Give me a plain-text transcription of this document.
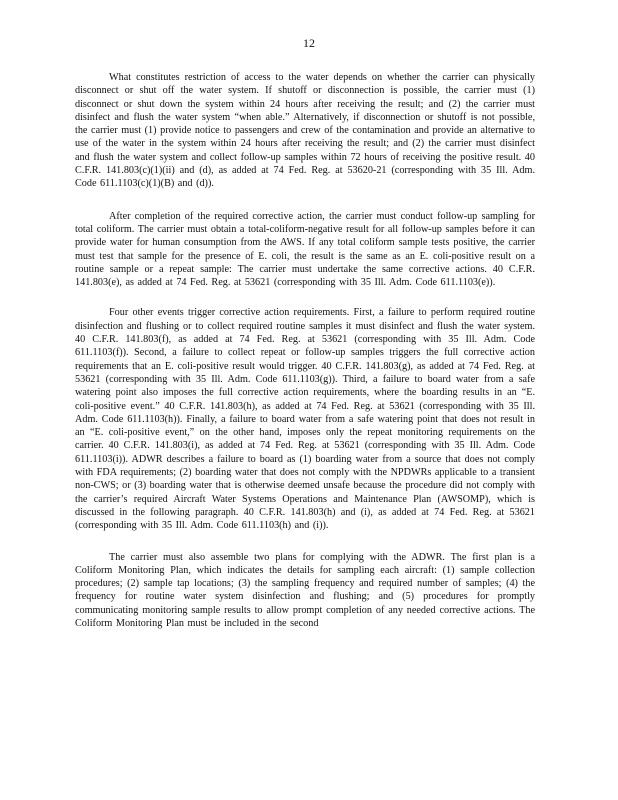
12

What constitutes restriction of access to the water depends on whether the carrier can physically disconnect or shut off the water system. If shutoff or disconnection is possible, the carrier must (1) disconnect or shut down the system within 24 hours after receiving the result; and (2) the carrier must disinfect and flush the water system “when able.” Alternatively, if disconnection or shutoff is not possible, the carrier must (1) provide notice to passengers and crew of the contamination and provide an alternative to use of the water in the system within 24 hours after receiving the result; and (2) the carrier must disinfect and flush the water system and collect follow-up samples within 72 hours of receiving the positive result. 40 C.F.R. 141.803(c)(1)(ii) and (d), as added at 74 Fed. Reg. at 53620-21 (corresponding with 35 Ill. Adm. Code 611.1103(c)(1)(B) and (d)).

After completion of the required corrective action, the carrier must conduct follow-up sampling for total coliform. The carrier must obtain a total-coliform-negative result for all follow-up samples before it can provide water for human consumption from the AWS. If any total coliform sample tests positive, the carrier must test that sample for the presence of E. coli, the result is the same as an E. coli-positive result on a routine sample or a repeat sample: The carrier must undertake the same corrective actions. 40 C.F.R. 141.803(e), as added at 74 Fed. Reg. at 53621 (corresponding with 35 Ill. Adm. Code 611.1103(e)).

Four other events trigger corrective action requirements. First, a failure to perform required routine disinfection and flushing or to collect required routine samples it must disinfect and flush the water system. 40 C.F.R. 141.803(f), as added at 74 Fed. Reg. at 53621 (corresponding with 35 Ill. Adm. Code 611.1103(f)). Second, a failure to collect repeat or follow-up samples triggers the full corrective action requirements that an E. coli-positive result would trigger. 40 C.F.R. 141.803(g), as added at 74 Fed. Reg. at 53621 (corresponding with 35 Ill. Adm. Code 611.1103(g)). Third, a failure to board water from a safe watering point also imposes the full corrective action requirements, where the boarding results in an “E. coli-positive event.” 40 C.F.R. 141.803(h), as added at 74 Fed. Reg. at 53621 (corresponding with 35 Ill. Adm. Code 611.1103(h)). Finally, a failure to board water from a safe watering point that does not result in an “E. coli-positive event,” on the other hand, imposes only the repeat monitoring requirements on the carrier. 40 C.F.R. 141.803(i), as added at 74 Fed. Reg. at 53621 (corresponding with 35 Ill. Adm. Code 611.1103(i)). ADWR describes a failure to board as (1) boarding water from a source that does not comply with FDA requirements; (2) boarding water that does not comply with the NPDWRs applicable to a transient non-CWS; or (3) boarding water that is otherwise deemed unsafe because the procedure did not comply with the carrier’s required Aircraft Water Systems Operations and Maintenance Plan (AWSOMP), which is discussed in the following paragraph. 40 C.F.R. 141.803(h) and (i), as added at 74 Fed. Reg. at 53621 (corresponding with 35 Ill. Adm. Code 611.1103(h) and (i)).

The carrier must also assemble two plans for complying with the ADWR. The first plan is a Coliform Monitoring Plan, which indicates the details for sampling each aircraft: (1) sample collection procedures; (2) sample tap locations; (3) the sampling frequency and required number of samples; (4) the frequency for routine water system disinfection and flushing; and (5) procedures for promptly communicating monitoring sample results to allow prompt completion of any needed corrective actions. The Coliform Monitoring Plan must be included in the second
